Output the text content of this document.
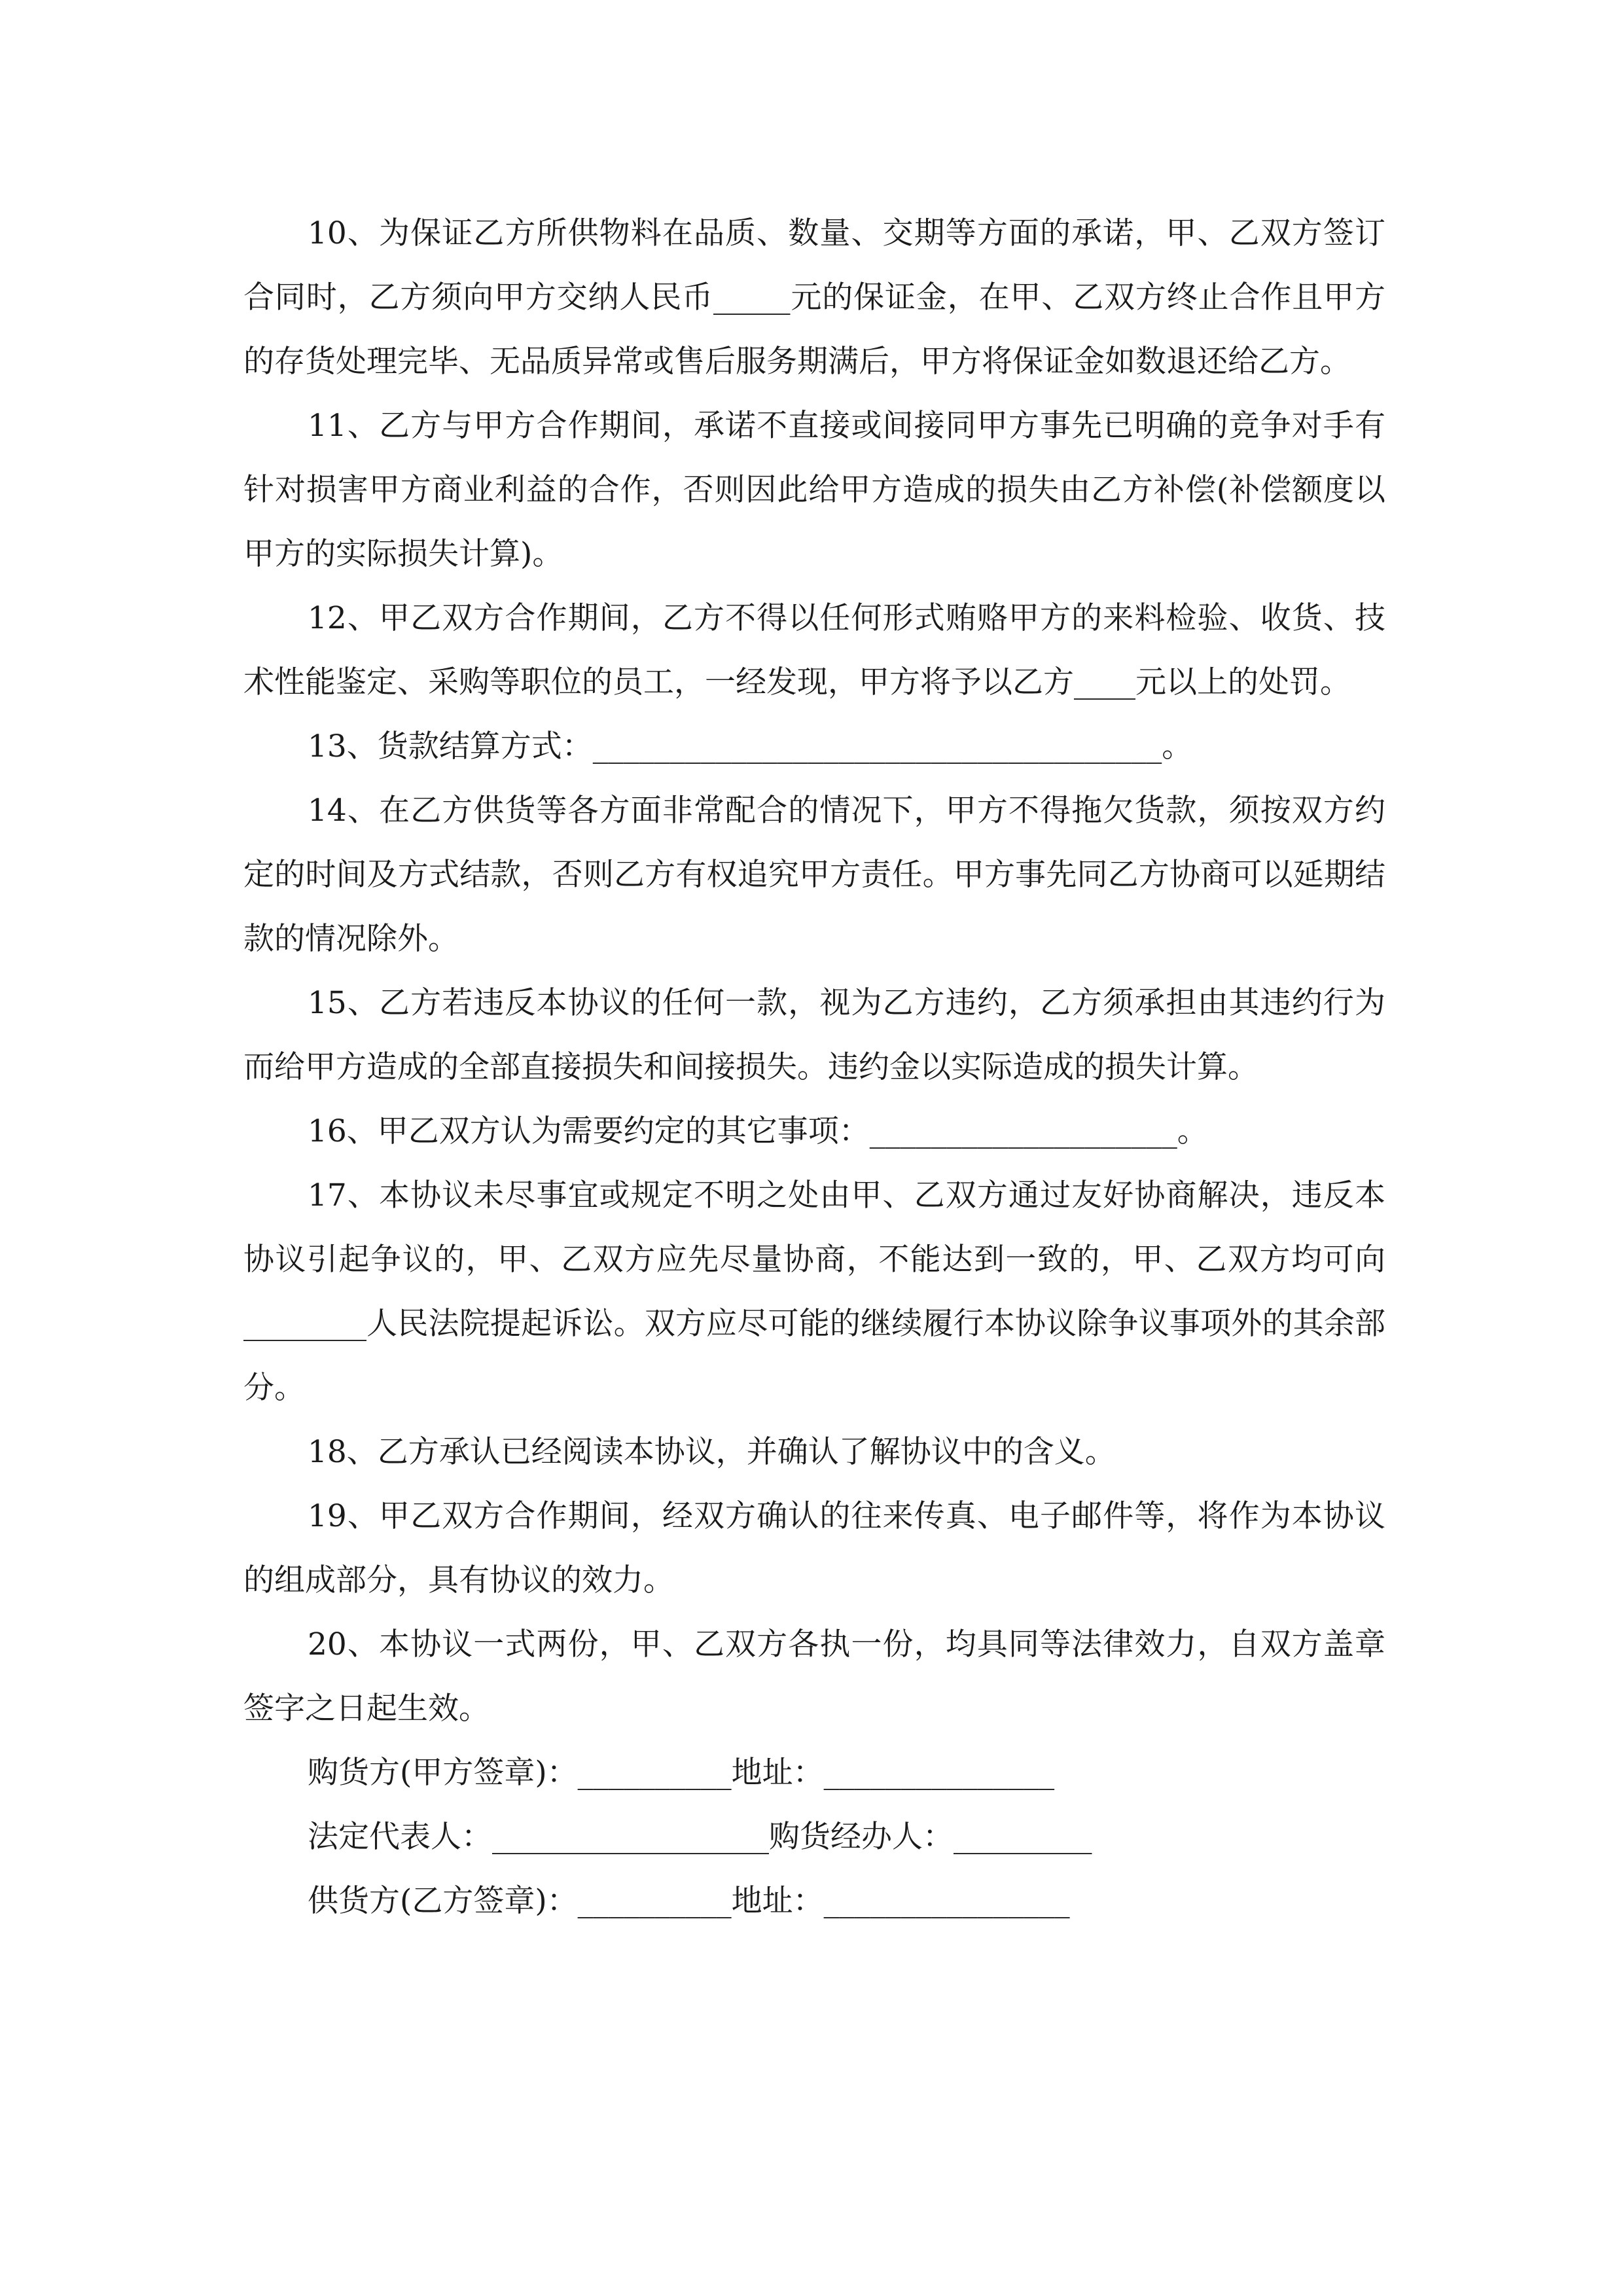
10、为保证乙方所供物料在品质、数量、交期等方面的承诺，甲、乙双方签订合同时，乙方须向甲方交纳人民币_____元的保证金，在甲、乙双方终止合作且甲方的存货处理完毕、无品质异常或售后服务期满后，甲方将保证金如数退还给乙方。

11、乙方与甲方合作期间，承诺不直接或间接同甲方事先已明确的竞争对手有针对损害甲方商业利益的合作，否则因此给甲方造成的损失由乙方补偿(补偿额度以甲方的实际损失计算)。

12、甲乙双方合作期间，乙方不得以任何形式贿赂甲方的来料检验、收货、技术性能鉴定、采购等职位的员工，一经发现，甲方将予以乙方____元以上的处罚。

13、货款结算方式：_____________________________________。

14、在乙方供货等各方面非常配合的情况下，甲方不得拖欠货款，须按双方约定的时间及方式结款，否则乙方有权追究甲方责任。甲方事先同乙方协商可以延期结款的情况除外。

15、乙方若违反本协议的任何一款，视为乙方违约，乙方须承担由其违约行为而给甲方造成的全部直接损失和间接损失。违约金以实际造成的损失计算。

16、甲乙双方认为需要约定的其它事项：____________________。

17、本协议未尽事宜或规定不明之处由甲、乙双方通过友好协商解决，违反本协议引起争议的，甲、乙双方应先尽量协商，不能达到一致的，甲、乙双方均可向________人民法院提起诉讼。双方应尽可能的继续履行本协议除争议事项外的其余部分。

18、乙方承认已经阅读本协议，并确认了解协议中的含义。

19、甲乙双方合作期间，经双方确认的往来传真、电子邮件等，将作为本协议的组成部分，具有协议的效力。

20、本协议一式两份，甲、乙双方各执一份，均具同等法律效力，自双方盖章签字之日起生效。

购货方(甲方签章)：__________地址：_______________

法定代表人：__________________购货经办人：_________

供货方(乙方签章)：__________地址：________________
